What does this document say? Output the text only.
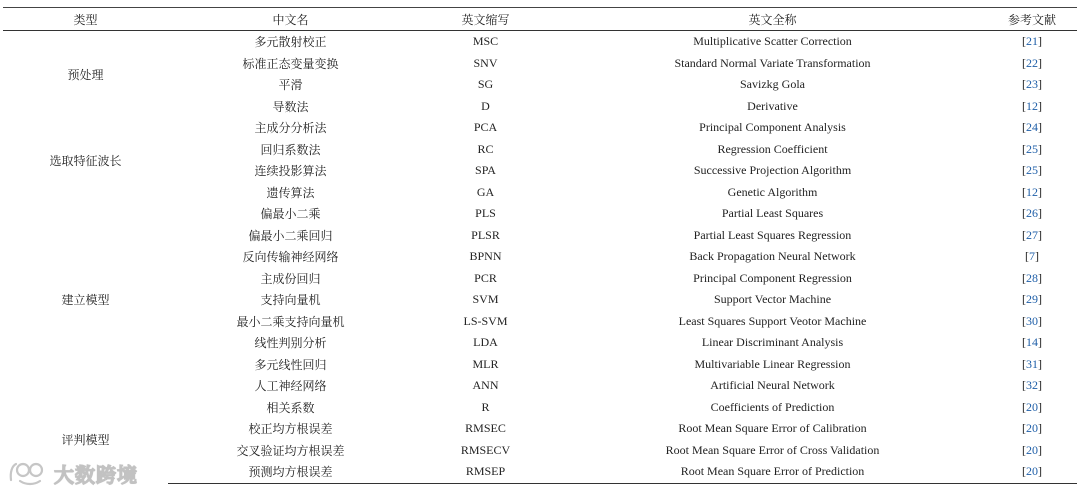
类型	中文名	英文缩写	英文全称	参考文献
预处理	多元散射校正	MSC	Multiplicative Scatter Correction	[21]
	标准正态变量变换	SNV	Standard Normal Variate Transformation	[22]
	平滑	SG	Savizkg Gola	[23]
	导数法	D	Derivative	[12]
选取特征波长	主成分分析法	PCA	Principal Component Analysis	[24]
	回归系数法	RC	Regression Coefficient	[25]
	连续投影算法	SPA	Successive Projection Algorithm	[25]
	遗传算法	GA	Genetic Algorithm	[12]
建立模型	偏最小二乘	PLS	Partial Least Squares	[26]
	偏最小二乘回归	PLSR	Partial Least Squares Regression	[27]
	反向传输神经网络	BPNN	Back Propagation Neural Network	[7]
	主成份回归	PCR	Principal Component Regression	[28]
	支持向量机	SVM	Support Vector Machine	[29]
	最小二乘支持向量机	LS-SVM	Least Squares Support Veotor Machine	[30]
	线性判别分析	LDA	Linear Discriminant Analysis	[14]
	多元线性回归	MLR	Multivariable Linear Regression	[31]
	人工神经网络	ANN	Artificial Neural Network	[32]
评判模型	相关系数	R	Coefficients of Prediction	[20]
	校正均方根误差	RMSEC	Root Mean Square Error of Calibration	[20]
	交叉验证均方根误差	RMSECV	Root Mean Square Error of Cross Validation	[20]
	预测均方根误差	RMSEP	Root Mean Square Error of Prediction	[20]
大数跨境
